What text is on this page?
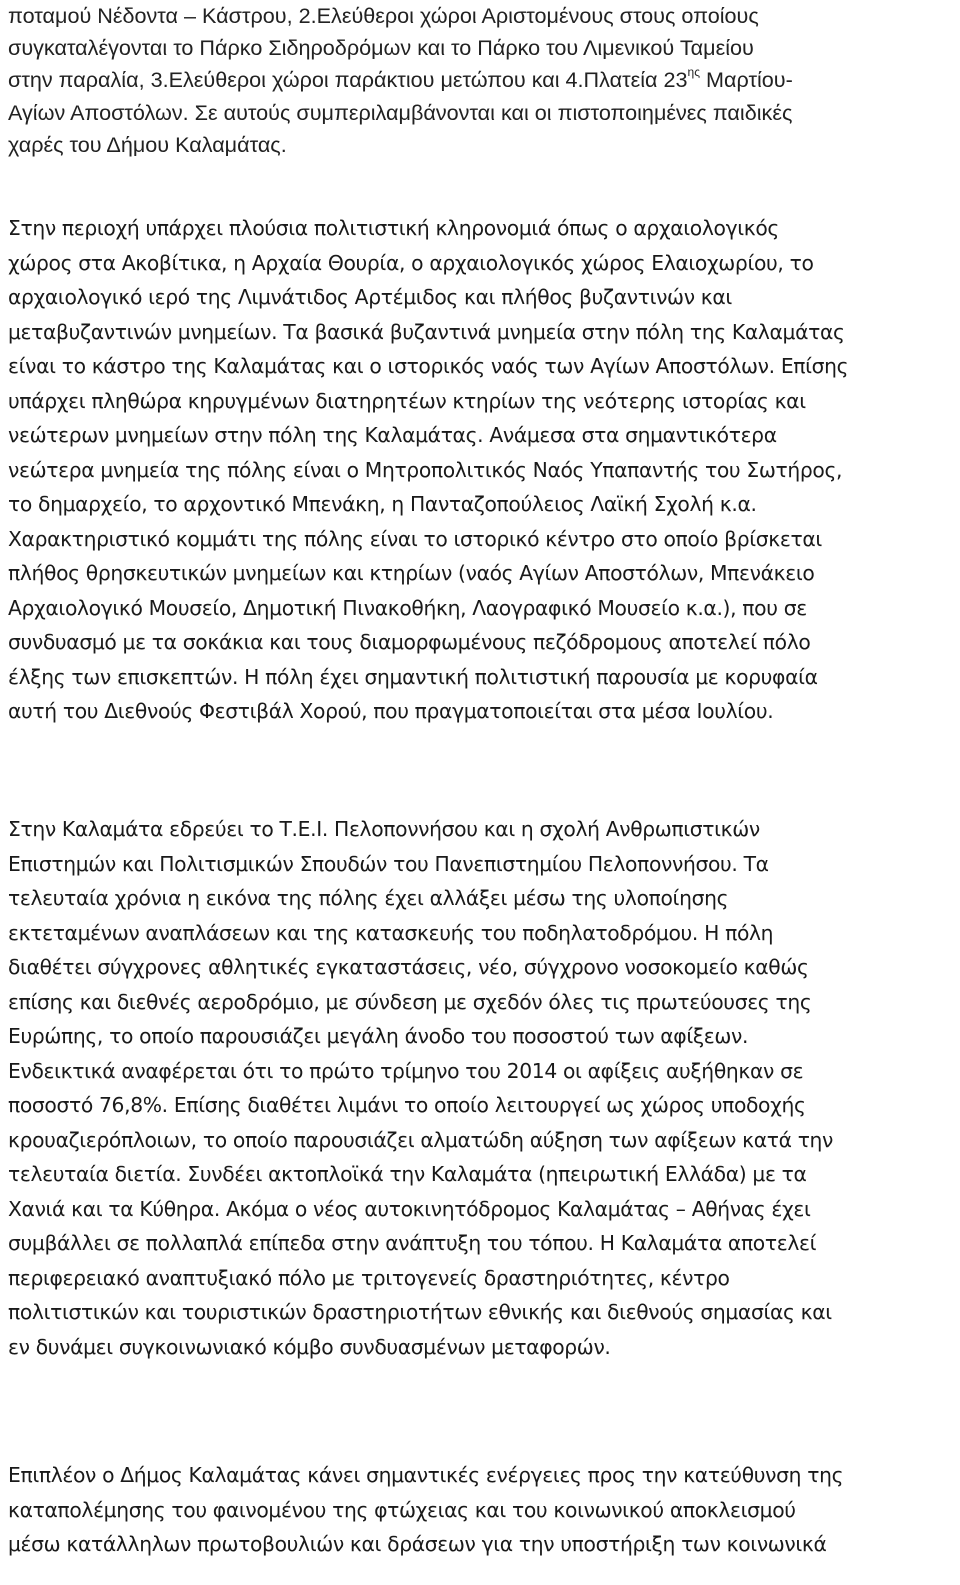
ποταμού Νέδοντα – Κάστρου, 2.Ελεύθεροι χώροι Αριστομένους στους οποίους
συγκαταλέγονται το Πάρκο Σιδηροδρόμων και το Πάρκο του Λιμενικού Ταμείου
στην παραλία, 3.Ελεύθεροι χώροι παράκτιου μετώπου και 4.Πλατεία $23^{\eta\varsigma}$ Μαρτίου-
Αγίων Αποστόλων. Σε αυτούς συμπεριλαμβάνονται και οι πιστοποιημένες παιδικές
χαρές του Δήμου Καλαμάτας.
Στην περιοχή υπάρχει πλούσια πολιτιστική κληρονομιά όπως ο αρχαιολογικός
χώρος στα Ακοβίτικα, η Αρχαία Θουρία, ο αρχαιολογικός χώρος Ελαιοχωρίου, το
αρχαιολογικό ιερό της Λιμνάτιδος Αρτέμιδος και πλήθος βυζαντινών και
μεταβυζαντινών μνημείων. Τα βασικά βυζαντινά μνημεία στην πόλη της Καλαμάτας
είναι το κάστρο της Καλαμάτας και ο ιστορικός ναός των Αγίων Αποστόλων. Επίσης
υπάρχει πληθώρα κηρυγμένων διατηρητέων κτηρίων της νεότερης ιστορίας και
νεώτερων μνημείων στην πόλη της Καλαμάτας. Ανάμεσα στα σημαντικότερα
νεώτερα μνημεία της πόλης είναι ο Μητροπολιτικός Ναός Υπαπαντής του Σωτήρος,
το δημαρχείο, το αρχοντικό Μπενάκη, η Πανταζοπούλειος Λαϊκή Σχολή κ.α.
Χαρακτηριστικό κομμάτι της πόλης είναι το ιστορικό κέντρο στο οποίο βρίσκεται
πλήθος θρησκευτικών μνημείων και κτηρίων (ναός Αγίων Αποστόλων, Μπενάκειο
Αρχαιολογικό Μουσείο, Δημοτική Πινακοθήκη, Λαογραφικό Μουσείο κ.α.), που σε
συνδυασμό με τα σοκάκια και τους διαμορφωμένους πεζόδρομους αποτελεί πόλο
έλξης των επισκεπτών. Η πόλη έχει σημαντική πολιτιστική παρουσία με κορυφαία
αυτή του Διεθνούς Φεστιβάλ Χορού, που πραγματοποιείται στα μέσα Ιουλίου.
Στην Καλαμάτα εδρεύει το Τ.Ε.Ι. Πελοποννήσου και η σχολή Ανθρωπιστικών
Επιστημών και Πολιτισμικών Σπουδών του Πανεπιστημίου Πελοποννήσου. Τα
τελευταία χρόνια η εικόνα της πόλης έχει αλλάξει μέσω της υλοποίησης
εκτεταμένων αναπλάσεων και της κατασκευής του ποδηλατοδρόμου. Η πόλη
διαθέτει σύγχρονες αθλητικές εγκαταστάσεις, νέο, σύγχρονο νοσοκομείο καθώς
επίσης και διεθνές αεροδρόμιο, με σύνδεση με σχεδόν όλες τις πρωτεύουσες της
Ευρώπης, το οποίο παρουσιάζει μεγάλη άνοδο του ποσοστού των αφίξεων.
Ενδεικτικά αναφέρεται ότι το πρώτο τρίμηνο του 2014 οι αφίξεις αυξήθηκαν σε
ποσοστό 76,8%. Επίσης διαθέτει λιμάνι το οποίο λειτουργεί ως χώρος υποδοχής
κρουαζιερόπλοιων, το οποίο παρουσιάζει αλματώδη αύξηση των αφίξεων κατά την
τελευταία διετία. Συνδέει ακτοπλοϊκά την Καλαμάτα (ηπειρωτική Ελλάδα) με τα
Χανιά και τα Κύθηρα. Ακόμα ο νέος αυτοκινητόδρομος Καλαμάτας – Αθήνας έχει
συμβάλλει σε πολλαπλά επίπεδα στην ανάπτυξη του τόπου. Η Καλαμάτα αποτελεί
περιφερειακό αναπτυξιακό πόλο με τριτογενείς δραστηριότητες, κέντρο
πολιτιστικών και τουριστικών δραστηριοτήτων εθνικής και διεθνούς σημασίας και
εν δυνάμει συγκοινωνιακό κόμβο συνδυασμένων μεταφορών.
Επιπλέον ο Δήμος Καλαμάτας κάνει σημαντικές ενέργειες προς την κατεύθυνση της
καταπολέμησης του φαινομένου της φτώχειας και του κοινωνικού αποκλεισμού
μέσω κατάλληλων πρωτοβουλιών και δράσεων για την υποστήριξη των κοινωνικά
